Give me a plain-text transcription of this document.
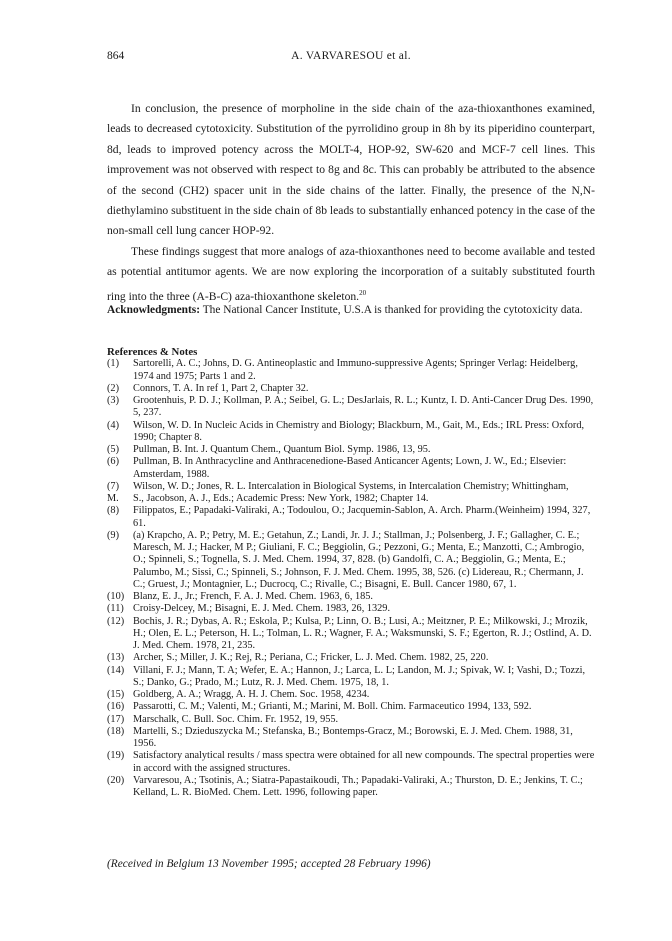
864	A. VARVARESOU et al.

In conclusion, the presence of morpholine in the side chain of the aza-thioxanthones examined, leads to decreased cytotoxicity. Substitution of the pyrrolidino group in 8h by its piperidino counterpart, 8d, leads to improved potency across the MOLT-4, HOP-92, SW-620 and MCF-7 cell lines. This improvement was not observed with respect to 8g and 8c. This can probably be attributed to the absence of the second (CH2) spacer unit in the side chains of the latter. Finally, the presence of the N,N-diethylamino substituent in the side chain of 8b leads to substantially enhanced potency in the case of the non-small cell lung cancer HOP-92.

These findings suggest that more analogs of aza-thioxanthones need to become available and tested as potential antitumor agents. We are now exploring the incorporation of a suitably substituted fourth ring into the three (A-B-C) aza-thioxanthone skeleton.$^{20}$

Acknowledgments: The National Cancer Institute, U.S.A is thanked for providing the cytotoxicity data.
References & Notes
(1)	Sartorelli, A. C.; Johns, D. G. Antineoplastic and Immuno-suppressive Agents; Springer Verlag: Heidelberg, 1974 and 1975; Parts 1 and 2.
(2)	Connors, T. A. In ref 1, Part 2, Chapter 32.
(3)	Grootenhuis, P. D. J.; Kollman, P. A.; Seibel, G. L.; DesJarlais, R. L.; Kuntz, I. D. Anti-Cancer Drug Des. 1990, 5, 237.
(4)	Wilson, W. D. In Nucleic Acids in Chemistry and Biology; Blackburn, M., Gait, M., Eds.; IRL Press: Oxford, 1990; Chapter 8.
(5)	Pullman, B. Int. J. Quantum Chem., Quantum Biol. Symp. 1986, 13, 95.
(6)	Pullman, B. In Anthracycline and Anthracenedione-Based Anticancer Agents; Lown, J. W., Ed.; Elsevier: Amsterdam, 1988.
(7)	Wilson, W. D.; Jones, R. L. Intercalation in Biological Systems, in Intercalation Chemistry; Whittingham,
M.	S., Jacobson, A. J., Eds.; Academic Press: New York, 1982; Chapter 14.
(8)	Filippatos, E.; Papadaki-Valiraki, A.; Todoulou, O.; Jacquemin-Sablon, A. Arch. Pharm.(Weinheim) 1994, 327, 61.
(9)	(a) Krapcho, A. P.; Petry, M. E.; Getahun, Z.; Landi, Jr. J. J.; Stallman, J.; Polsenberg, J. F.; Gallagher, C. E.; Maresch, M. J.; Hacker, M P.; Giuliani, F. C.; Beggiolin, G.; Pezzoni, G.; Menta, E.; Manzotti, C.; Ambrogio, O.; Spinneli, S.; Tognella, S. J. Med. Chem. 1994, 37, 828. (b) Gandolfi, C. A.; Beggiolin, G.; Menta, E.; Palumbo, M.; Sissi, C.; Spinneli, S.; Johnson, F. J. Med. Chem. 1995, 38, 526. (c) Lidereau, R.; Chermann, J. C.; Gruest, J.; Montagnier, L.; Ducrocq, C.; Rivalle, C.; Bisagni, E. Bull. Cancer 1980, 67, 1.
(10) Blanz, E. J., Jr.; French, F. A. J. Med. Chem. 1963, 6, 185.
(11) Croisy-Delcey, M.; Bisagni, E. J. Med. Chem. 1983, 26, 1329.
(12) Bochis, J. R.; Dybas, A. R.; Eskola, P.; Kulsa, P.; Linn, O. B.; Lusi, A.; Meitzner, P. E.; Milkowski, J.; Mrozik, H.; Olen, E. L.; Peterson, H. L.; Tolman, L. R.; Wagner, F. A.; Waksmunski, S. F.; Egerton, R. J.; Ostlind, A. D. J. Med. Chem. 1978, 21, 235.
(13) Archer, S.; Miller, J. K.; Rej, R.; Periana, C.; Fricker, L. J. Med. Chem. 1982, 25, 220.
(14) Villani, F. J.; Mann, T. A; Wefer, E. A.; Hannon, J.; Larca, L. L; Landon, M. J.; Spivak, W. I; Vashi, D.; Tozzi, S.; Danko, G.; Prado, M.; Lutz, R. J. Med. Chem. 1975, 18, 1.
(15) Goldberg, A. A.; Wragg, A. H. J. Chem. Soc. 1958, 4234.
(16) Passarotti, C. M.; Valenti, M.; Grianti, M.; Marini, M. Boll. Chim. Farmaceutico 1994, 133, 592.
(17) Marschalk, C. Bull. Soc. Chim. Fr. 1952, 19, 955.
(18) Martelli, S.; Dzieduszycka M.; Stefanska, B.; Bontemps-Gracz, M.; Borowski, E. J. Med. Chem. 1988, 31, 1956.
(19) Satisfactory analytical results / mass spectra were obtained for all new compounds. The spectral properties were in accord with the assigned structures.
(20) Varvaresou, A.; Tsotinis, A.; Siatra-Papastaikoudi, Th.; Papadaki-Valiraki, A.; Thurston, D. E.; Jenkins, T. C.; Kelland, L. R. BioMed. Chem. Lett. 1996, following paper.
(Received in Belgium 13 November 1995; accepted 28 February 1996)
